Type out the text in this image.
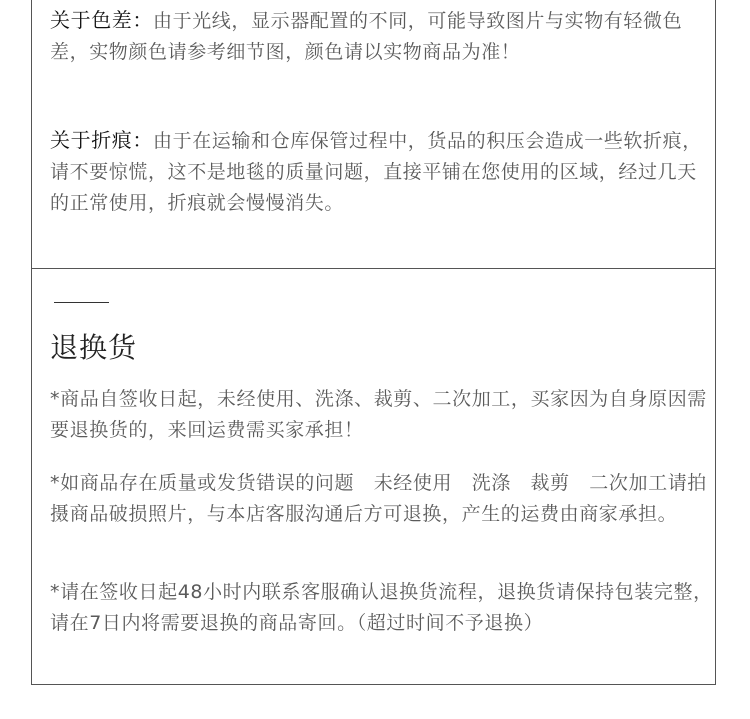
关于色差：由于光线，显示器配置的不同，可能导致图片与实物有轻微色差，实物颜色请参考细节图，颜色请以实物商品为准！
关于折痕：由于在运输和仓库保管过程中，货品的积压会造成一些软折痕，请不要惊慌，这不是地毯的质量问题，直接平铺在您使用的区域，经过几天的正常使用，折痕就会慢慢消失。
退换货
*商品自签收日起，未经使用、洗涤、裁剪、二次加工，买家因为自身原因需要退换货的，来回运费需买家承担！
*如商品存在质量或发货错误的问题　未经使用　洗涤　裁剪　二次加工请拍摄商品破损照片，与本店客服沟通后方可退换，产生的运费由商家承担。
*请在签收日起48小时内联系客服确认退换货流程，退换货请保持包装完整，请在7日内将需要退换的商品寄回。（超过时间不予退换）
